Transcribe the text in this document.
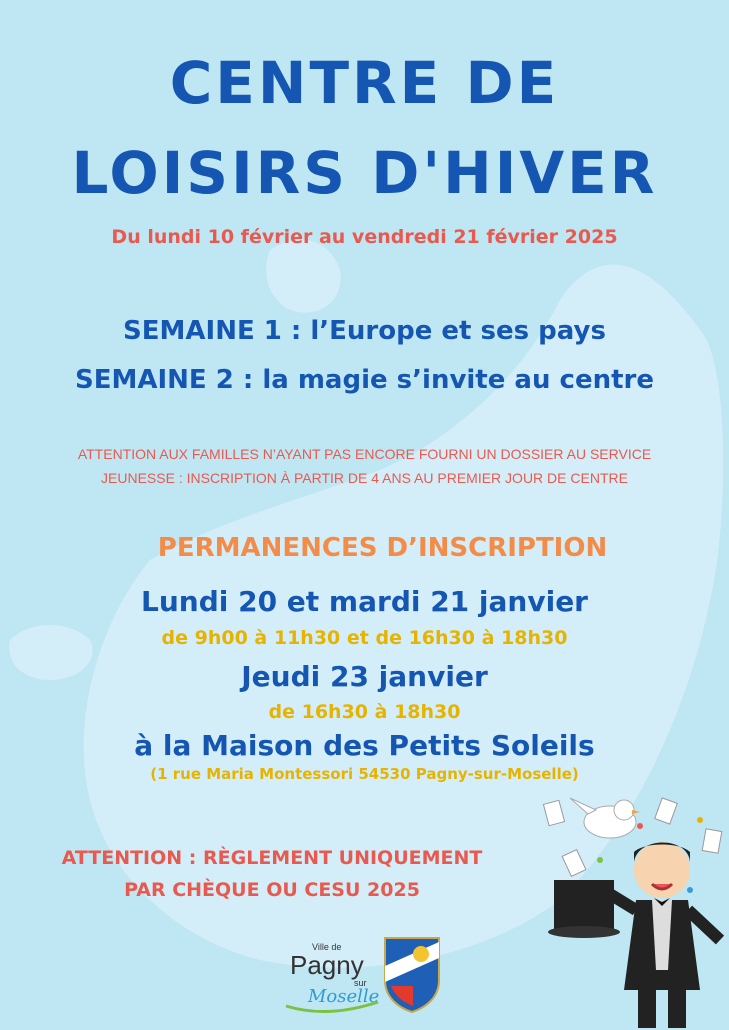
CENTRE DE
LOISIRS D'HIVER
Du lundi 10 février au vendredi 21 février 2025
SEMAINE 1 : l’Europe et ses pays
SEMAINE 2 : la magie s’invite au centre
ATTENTION AUX FAMILLES N’AYANT PAS ENCORE FOURNI UN DOSSIER AU SERVICE
JEUNESSE : INSCRIPTION À PARTIR DE 4 ANS AU PREMIER JOUR DE CENTRE
PERMANENCES D’INSCRIPTION
Lundi 20 et mardi 21 janvier
de 9h00 à 11h30 et de 16h30 à 18h30
Jeudi 23 janvier
de 16h30 à 18h30
à la Maison des Petits Soleils
(1 rue Maria Montessori 54530 Pagny-sur-Moselle)
ATTENTION : RÈGLEMENT UNIQUEMENT
PAR CHÈQUE OU CESU 2025
Ville de
Pagny
sur
Moselle
